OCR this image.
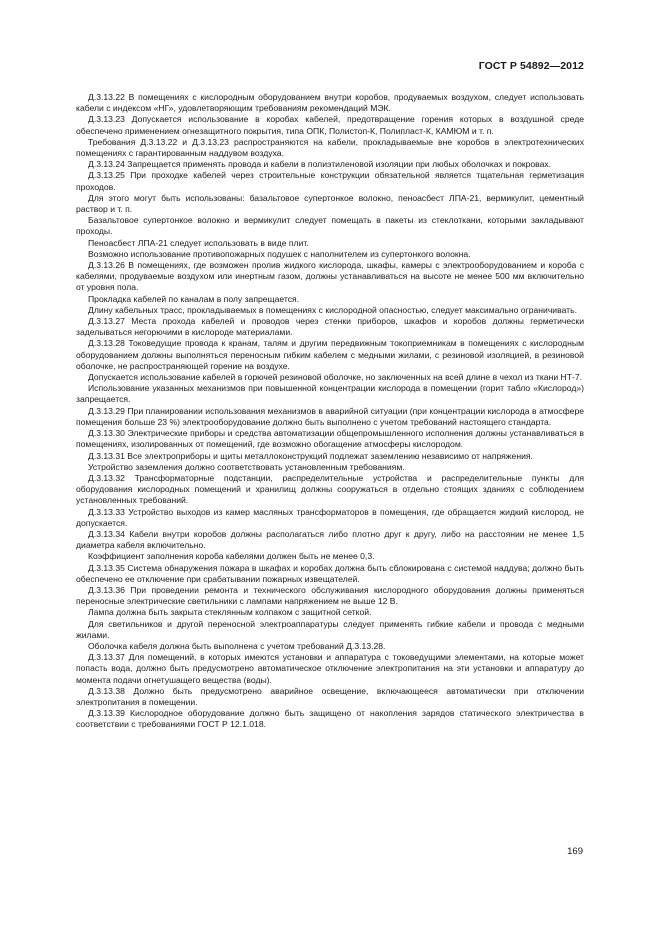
ГОСТ Р 54892—2012

Д.3.13.22 В помещениях с кислородным оборудованием внутри коробов, продуваемых воздухом, следует использовать кабели с индексом «НГ», удовлетворяющим требованиям рекомендаций МЭК.

Д.3.13.23 Допускается использование в коробах кабелей, предотвращение горения которых в воздушной среде обеспечено применением огнезащитного покрытия, типа ОПК, Полистоп-К, Полипласт-К, КАМЮМ и т. п.

Требования Д.3.13.22 и Д.3.13.23 распространяются на кабели, прокладываемые вне коробов в электротехнических помещениях с гарантированным наддувом воздуха.

Д.3.13.24 Запрещается применять провода и кабели в полиэтиленовой изоляции при любых оболочках и покровах.

Д.3.13.25 При проходке кабелей через строительные конструкции обязательной является тщательная герметизация проходов.

Для этого могут быть использованы: базальтовое супертонкое волокно, пеноасбест ЛПА-21, вермикулит, цементный раствор и т. п.

Базальтовое супертонкое волокно и вермикулит следует помещать в пакеты из стеклоткани, которыми закладывают проходы.

Пеноасбест ЛПА-21 следует использовать в виде плит.

Возможно использование противопожарных подушек с наполнителем из супертонкого волокна.

Д.3.13.26 В помещениях, где возможен пролив жидкого кислорода, шкафы, камеры с электрооборудованием и короба с кабелями, продуваемые воздухом или инертным газом, должны устанавливаться на высоте не менее 500 мм включительно от уровня пола.

Прокладка кабелей по каналам в полу запрещается.

Длину кабельных трасс, прокладываемых в помещениях с кислородной опасностью, следует максимально ограничивать.

Д.3.13.27 Места прохода кабелей и проводов через стенки приборов, шкафов и коробов должны герметически заделываться негорючими в кислороде материалами.

Д.3.13.28 Токоведущие провода к кранам, талям и другим передвижным токоприемникам в помещениях с кислородным оборудованием должны выполняться переносным гибким кабелем с медными жилами, с резиновой изоляцией, в резиновой оболочке, не распространяющей горение на воздухе.

Допускается использование кабелей в горючей резиновой оболочке, но заключенных на всей длине в чехол из ткани НТ-7.

Использование указанных механизмов при повышенной концентрации кислорода в помещении (горит табло «Кислород») запрещается.

Д.3.13.29 При планировании использования механизмов в аварийной ситуации (при концентрации кислорода в атмосфере помещения больше 23 %) электрооборудование должно быть выполнено с учетом требований настоящего стандарта.

Д.3.13.30 Электрические приборы и средства автоматизации общепромышленного исполнения должны устанавливаться в помещениях, изолированных от помещений, где возможно обогащение атмосферы кислородом.

Д.3.13.31 Все электроприборы и щиты металлоконструкций подлежат заземлению независимо от напряжения.

Устройство заземления должно соответствовать установленным требованиям.

Д.3.13.32 Трансформаторные подстанции, распределительные устройства и распределительные пункты для оборудования кислородных помещений и хранилищ должны сооружаться в отдельно стоящих зданиях с соблюдением установленных требований.

Д.3.13.33 Устройство выходов из камер масляных трансформаторов в помещения, где обращается жидкий кислород, не допускается.

Д.3.13.34 Кабели внутри коробов должны располагаться либо плотно друг к другу, либо на расстоянии не менее 1,5 диаметра кабеля включительно.

Коэффициент заполнения короба кабелями должен быть не менее 0,3.

Д.3.13.35 Система обнаружения пожара в шкафах и коробах должна быть сблокирована с системой наддува; должно быть обеспечено ее отключение при срабатывании пожарных извещателей.

Д.3.13.36 При проведении ремонта и технического обслуживания кислородного оборудования должны применяться переносные электрические светильники с лампами напряжением не выше 12 В.

Лампа должна быть закрыта стеклянным колпаком с защитной сеткой.

Для светильников и другой переносной электроаппаратуры следует применять гибкие кабели и провода с медными жилами.

Оболочка кабеля должна быть выполнена с учетом требований Д.3.13.28.

Д.3.13.37 Для помещений, в которых имеются установки и аппаратура с токоведущими элементами, на которые может попасть вода, должно быть предусмотрено автоматическое отключение электропитания на эти установки и аппаратуру до момента подачи огнетушащего вещества (воды).

Д.3.13.38 Должно быть предусмотрено аварийное освещение, включающееся автоматически при отключении электропитания в помещении.

Д.3.13.39 Кислородное оборудование должно быть защищено от накопления зарядов статического электричества в соответствии с требованиями ГОСТ Р 12.1.018.

169
